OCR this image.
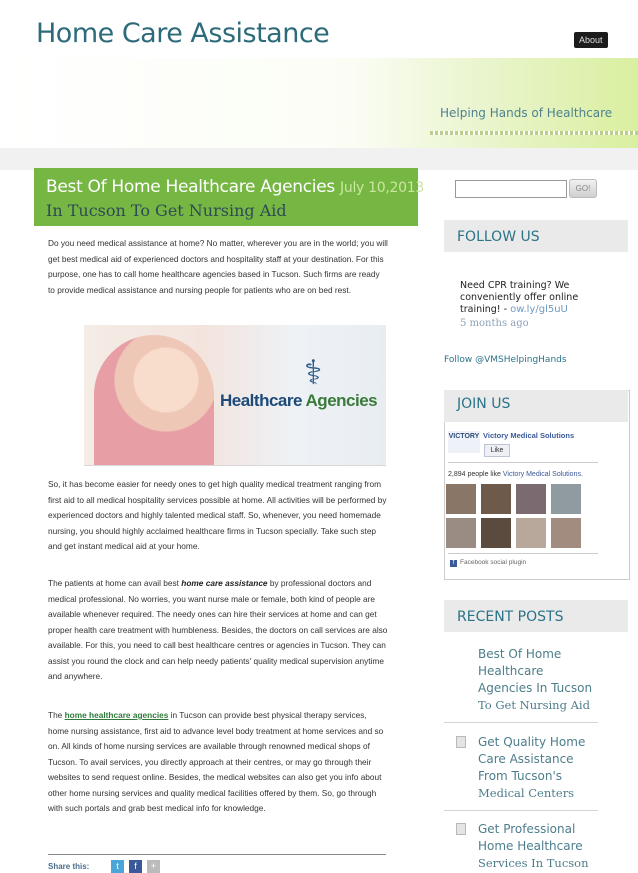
Home Care Assistance	About
Helping Hands of Healthcare
Best Of Home Healthcare Agencies July 10,2013
In Tucson To Get Nursing Aid
Do you need medical assistance at home? No matter, wherever you are in the world; you will get best medical aid of experienced doctors and hospitality staff at your destination. For this purpose, one has to call home healthcare agencies based in Tucson. Such firms are ready to provide medical assistance and nursing people for patients who are on bed rest.
⚕
Healthcare Agencies
So, it has become easier for needy ones to get high quality medical treatment ranging from first aid to all medical hospitality services possible at home. All activities will be performed by experienced doctors and highly talented medical staff. So, whenever, you need homemade nursing, you should highly acclaimed healthcare firms in Tucson specially. Take such step and get instant medical aid at your home.
The patients at home can avail best home care assistance by professional doctors and medical professional. No worries, you want nurse male or female, both kind of people are available whenever required. The needy ones can hire their services at home and can get proper health care treatment with humbleness. Besides, the doctors on call services are also available. For this, you need to call best healthcare centres or agencies in Tucson. They can assist you round the clock and can help needy patients' quality medical supervision anytime and anywhere.
The home healthcare agencies in Tucson can provide best physical therapy services, home nursing assistance, first aid to advance level body treatment at home services and so on. All kinds of home nursing services are available through renowned medical shops of Tucson. To avail services, you directly approach at their centres, or may go through their websites to send request online. Besides, the medical websites can also get you info about other home nursing services and quality medical facilities offered by them. So, go through with such portals and grab best medical info for knowledge.
Share this:	t	f	+
GO!
FOLLOW US
Need CPR training? We conveniently offer online training! - ow.ly/gl5uU
5 months ago
Follow @VMSHelpingHands
JOIN US
VICTORY Victory Medical Solutions
Like
2,894 people like Victory Medical Solutions.
f Facebook social plugin
RECENT POSTS
Best Of Home Healthcare Agencies In Tucson
To Get Nursing Aid
Get Quality Home Care Assistance From Tucson's
Medical Centers
Get Professional Home Healthcare
Services In Tucson
